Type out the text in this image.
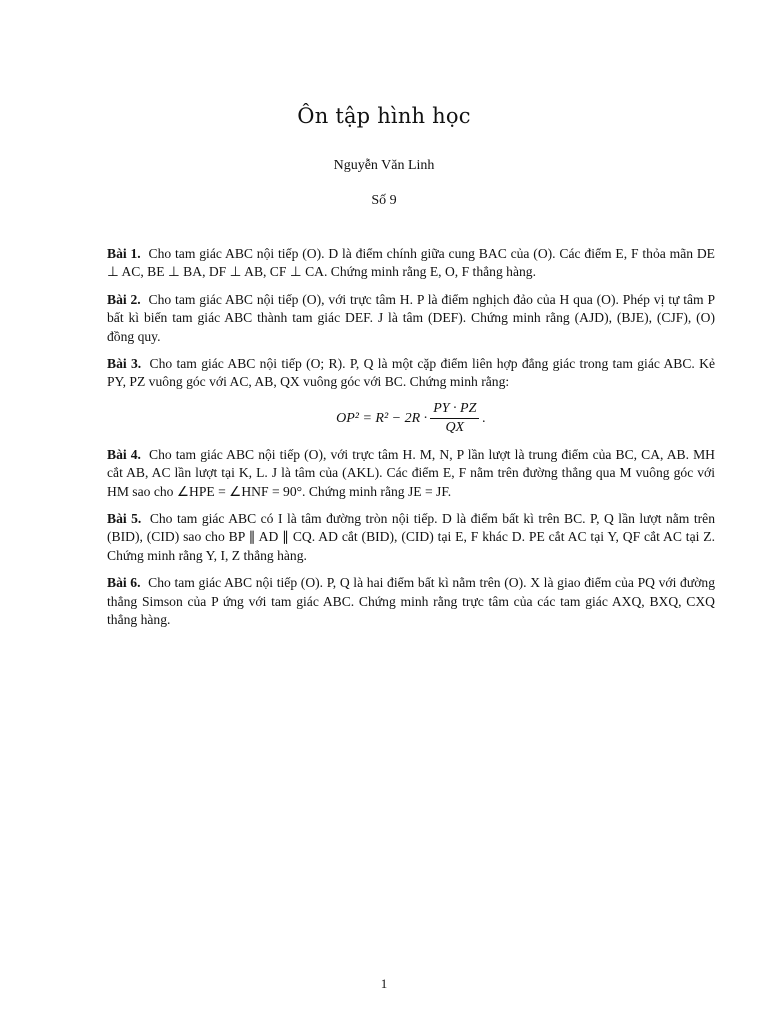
Ôn tập hình học
Nguyễn Văn Linh
Số 9

Bài 1. Cho tam giác ABC nội tiếp (O). D là điểm chính giữa cung BAC của (O). Các điểm E, F thỏa mãn DE ⊥ AC, BE ⊥ BA, DF ⊥ AB, CF ⊥ CA. Chứng minh rằng E, O, F thẳng hàng.

Bài 2. Cho tam giác ABC nội tiếp (O), với trực tâm H. P là điểm nghịch đảo của H qua (O). Phép vị tự tâm P bất kì biến tam giác ABC thành tam giác DEF. J là tâm (DEF). Chứng minh rằng (AJD), (BJE), (CJF), (O) đồng quy.

Bài 3. Cho tam giác ABC nội tiếp (O; R). P, Q là một cặp điểm liên hợp đẳng giác trong tam giác ABC. Kẻ PY, PZ vuông góc với AC, AB, QX vuông góc với BC. Chứng minh rằng:

$OP^2 = R^2 - 2R \cdot \frac{PY \cdot PZ}{QX}$ .

Bài 4. Cho tam giác ABC nội tiếp (O), với trực tâm H. M, N, P lần lượt là trung điểm của BC, CA, AB. MH cắt AB, AC lần lượt tại K, L. J là tâm của (AKL). Các điểm E, F nằm trên đường thẳng qua M vuông góc với HM sao cho ∠HPE = ∠HNF = 90°. Chứng minh rằng JE = JF.

Bài 5. Cho tam giác ABC có I là tâm đường tròn nội tiếp. D là điểm bất kì trên BC. P, Q lần lượt nằm trên (BID), (CID) sao cho BP ∥ AD ∥ CQ. AD cắt (BID), (CID) tại E, F khác D. PE cắt AC tại Y, QF cắt AC tại Z. Chứng minh rằng Y, I, Z thẳng hàng.

Bài 6. Cho tam giác ABC nội tiếp (O). P, Q là hai điểm bất kì nằm trên (O). X là giao điểm của PQ với đường thẳng Simson của P ứng với tam giác ABC. Chứng minh rằng trực tâm của các tam giác AXQ, BXQ, CXQ thẳng hàng.

1
